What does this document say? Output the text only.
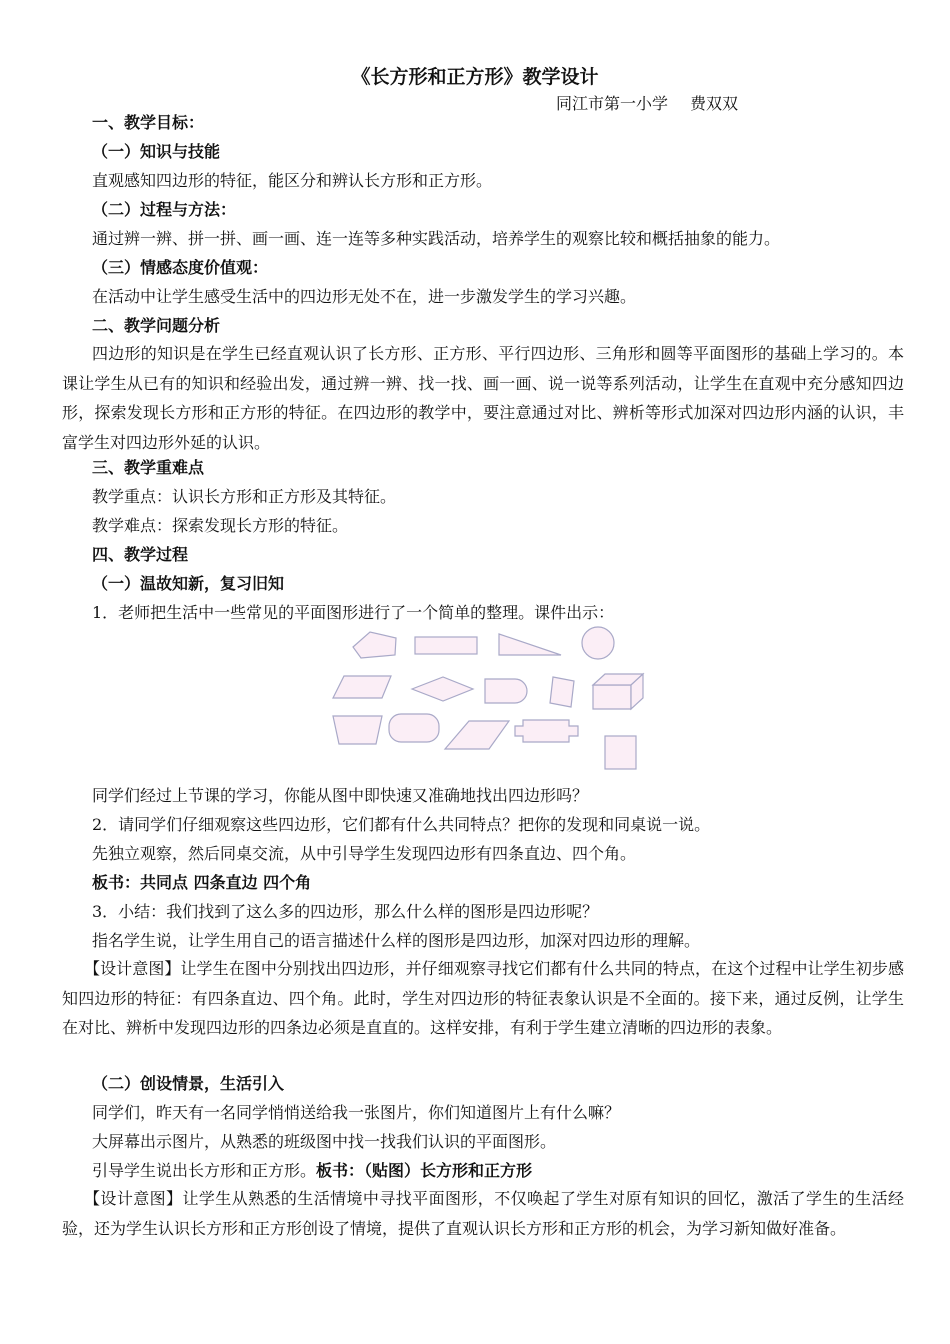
《长方形和正方形》教学设计
同江市第一小学 费双双
一、教学目标：
（一）知识与技能
直观感知四边形的特征，能区分和辨认长方形和正方形。
（二）过程与方法：
通过辨一辨、拼一拼、画一画、连一连等多种实践活动，培养学生的观察比较和概括抽象的能力。
（三）情感态度价值观：
在活动中让学生感受生活中的四边形无处不在，进一步激发学生的学习兴趣。
二、教学问题分析
四边形的知识是在学生已经直观认识了长方形、正方形、平行四边形、三角形和圆等平面图形的基础上学习的。本课让学生从已有的知识和经验出发，通过辨一辨、找一找、画一画、说一说等系列活动，让学生在直观中充分感知四边形，探索发现长方形和正方形的特征。在四边形的教学中，要注意通过对比、辨析等形式加深对四边形内涵的认识，丰富学生对四边形外延的认识。
三、教学重难点
教学重点：认识长方形和正方形及其特征。
教学难点：探索发现长方形的特征。
四、教学过程
（一）温故知新，复习旧知
1．老师把生活中一些常见的平面图形进行了一个简单的整理。课件出示：
同学们经过上节课的学习，你能从图中即快速又准确地找出四边形吗？
2．请同学们仔细观察这些四边形，它们都有什么共同特点？把你的发现和同桌说一说。
先独立观察，然后同桌交流，从中引导学生发现四边形有四条直边、四个角。
板书：共同点 四条直边 四个角
3．小结：我们找到了这么多的四边形，那么什么样的图形是四边形呢？
指名学生说，让学生用自己的语言描述什么样的图形是四边形，加深对四边形的理解。
【设计意图】让学生在图中分别找出四边形，并仔细观察寻找它们都有什么共同的特点，在这个过程中让学生初步感知四边形的特征：有四条直边、四个角。此时，学生对四边形的特征表象认识是不全面的。接下来，通过反例，让学生在对比、辨析中发现四边形的四条边必须是直直的。这样安排，有利于学生建立清晰的四边形的表象。
（二）创设情景，生活引入
同学们，昨天有一名同学悄悄送给我一张图片，你们知道图片上有什么嘛？
大屏幕出示图片，从熟悉的班级图中找一找我们认识的平面图形。
引导学生说出长方形和正方形。板书：（贴图）长方形和正方形
【设计意图】让学生从熟悉的生活情境中寻找平面图形，不仅唤起了学生对原有知识的回忆，激活了学生的生活经验，还为学生认识长方形和正方形创设了情境，提供了直观认识长方形和正方形的机会，为学习新知做好准备。
